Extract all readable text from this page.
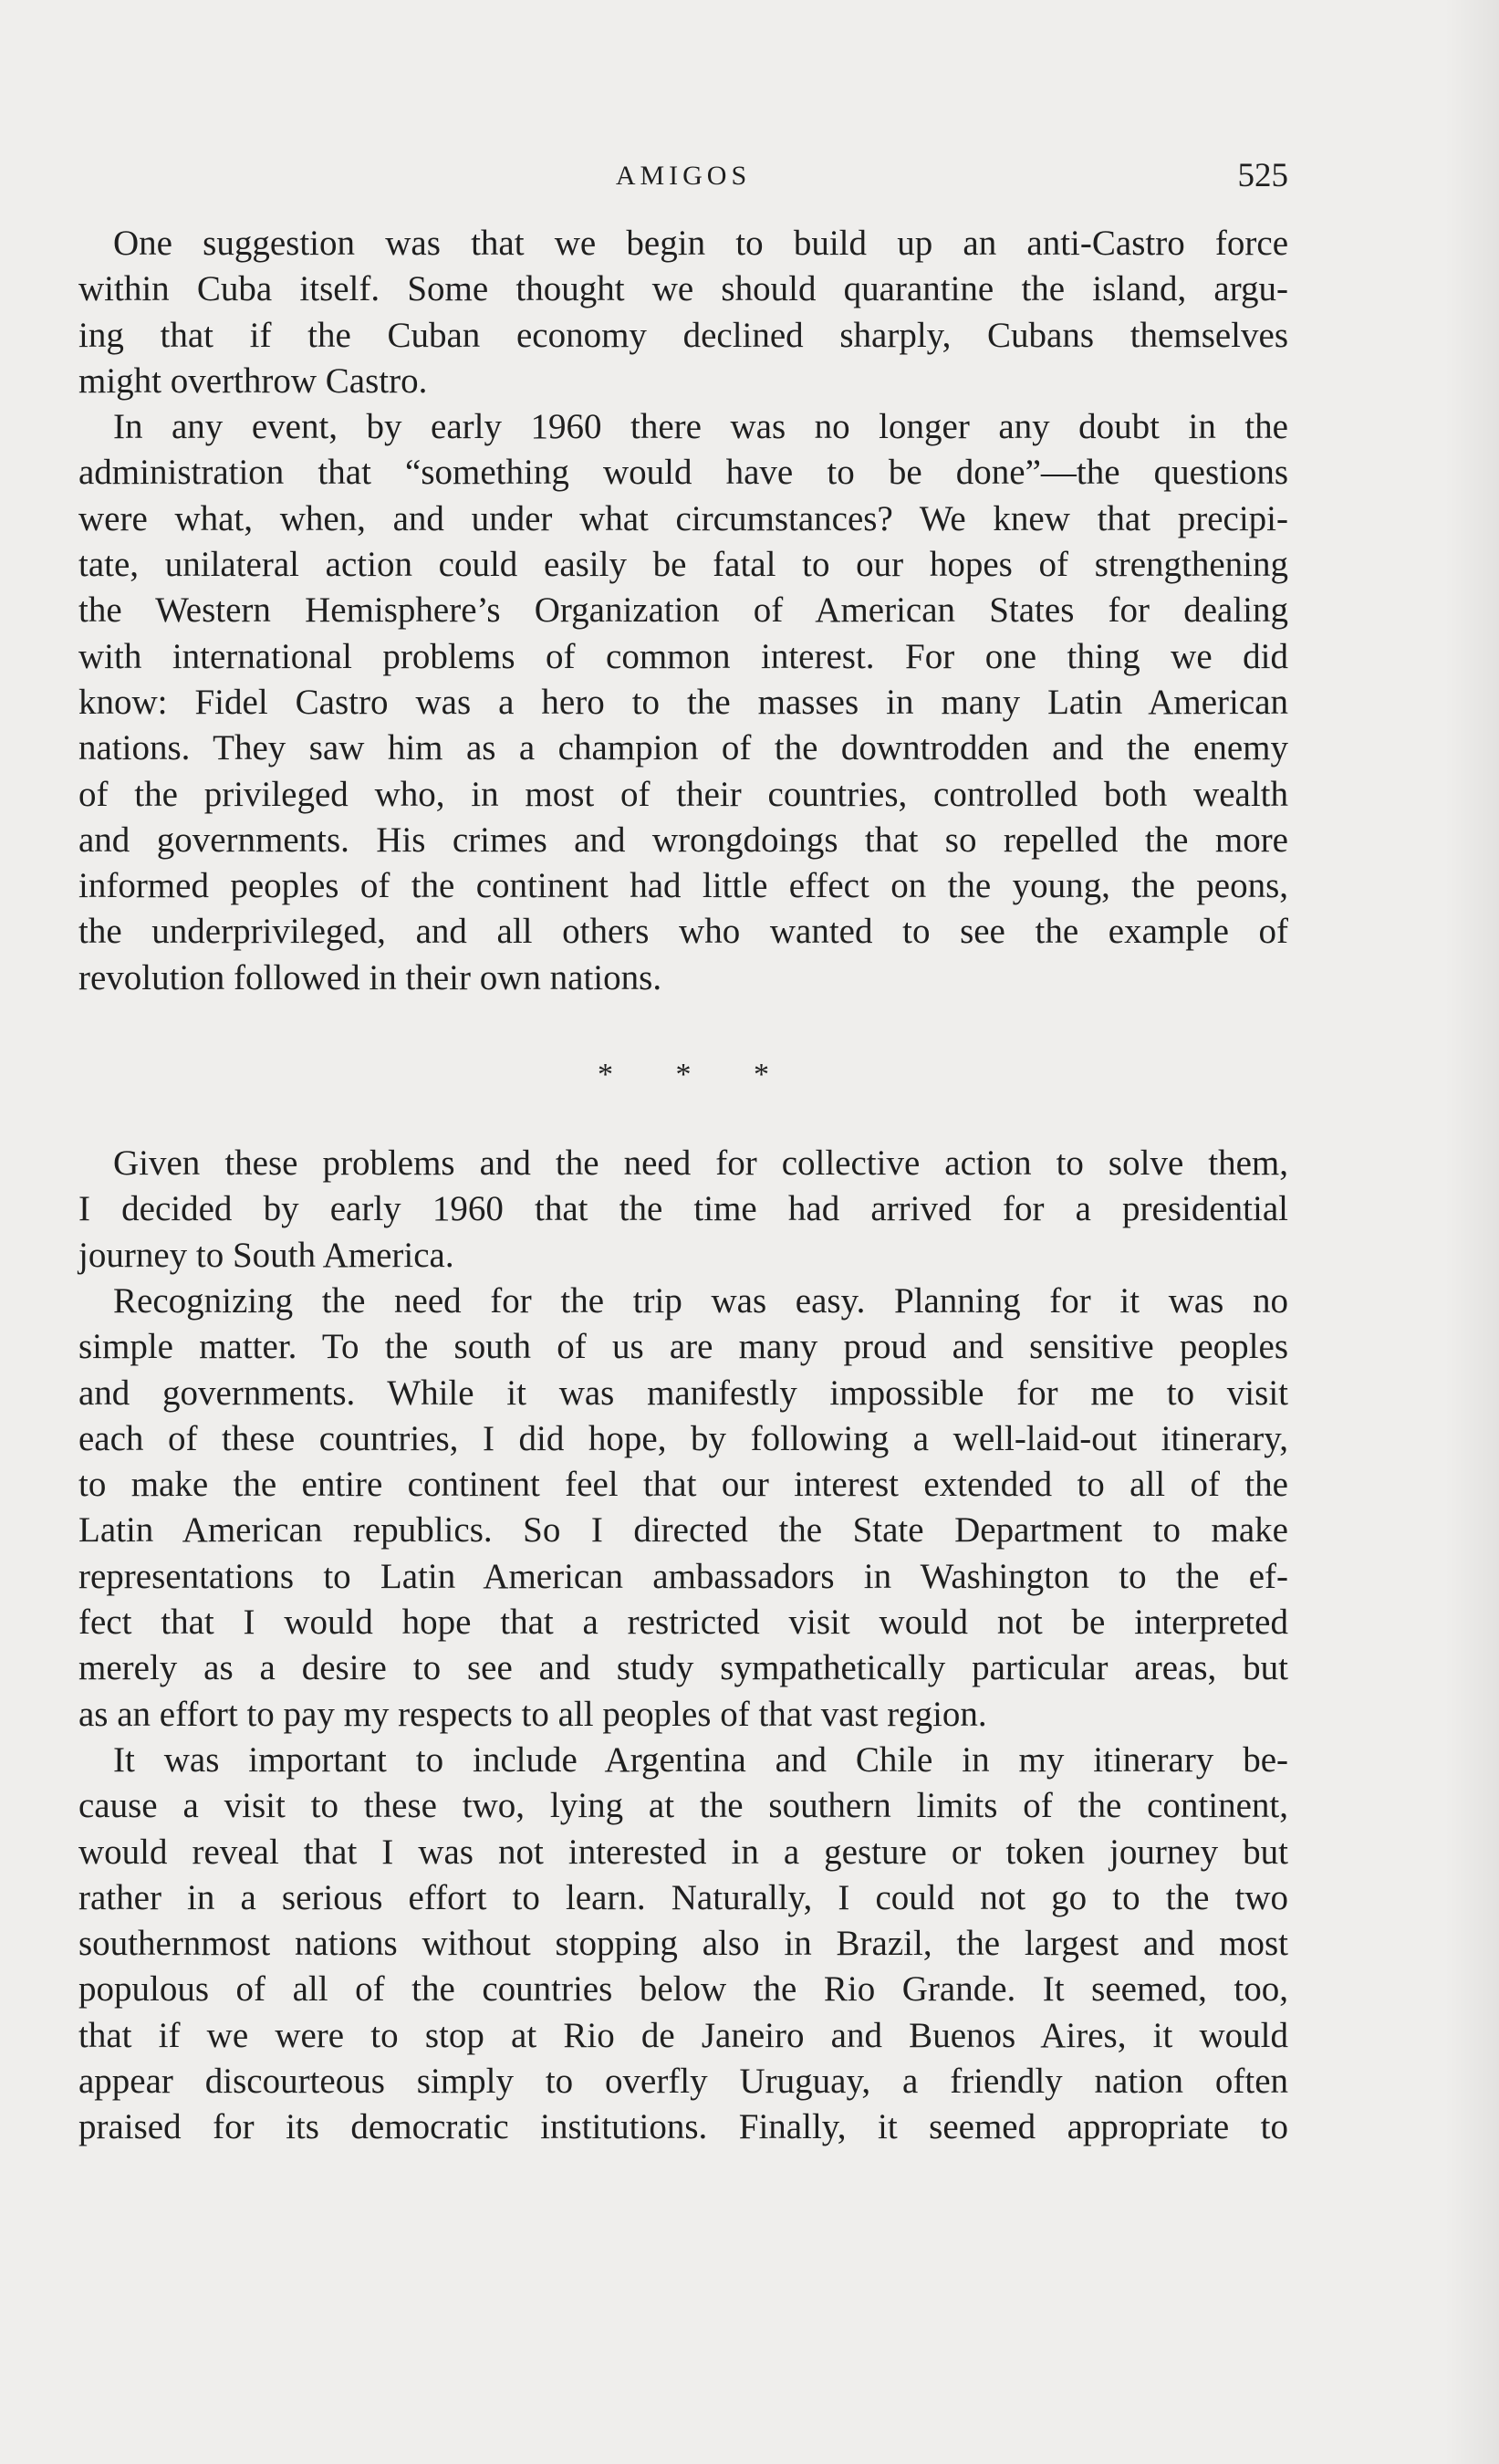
AMIGOS	525
One suggestion was that we begin to build up an anti-Castro force
within Cuba itself. Some thought we should quarantine the island, argu-
ing that if the Cuban economy declined sharply, Cubans themselves
might overthrow Castro.
In any event, by early 1960 there was no longer any doubt in the
administration that “something would have to be done”—the questions
were what, when, and under what circumstances? We knew that precipi-
tate, unilateral action could easily be fatal to our hopes of strengthening
the Western Hemisphere’s Organization of American States for dealing
with international problems of common interest. For one thing we did
know: Fidel Castro was a hero to the masses in many Latin American
nations. They saw him as a champion of the downtrodden and the enemy
of the privileged who, in most of their countries, controlled both wealth
and governments. His crimes and wrongdoings that so repelled the more
informed peoples of the continent had little effect on the young, the peons,
the underprivileged, and all others who wanted to see the example of
revolution followed in their own nations.
* * *
Given these problems and the need for collective action to solve them,
I decided by early 1960 that the time had arrived for a presidential
journey to South America.
Recognizing the need for the trip was easy. Planning for it was no
simple matter. To the south of us are many proud and sensitive peoples
and governments. While it was manifestly impossible for me to visit
each of these countries, I did hope, by following a well-laid-out itinerary,
to make the entire continent feel that our interest extended to all of the
Latin American republics. So I directed the State Department to make
representations to Latin American ambassadors in Washington to the ef-
fect that I would hope that a restricted visit would not be interpreted
merely as a desire to see and study sympathetically particular areas, but
as an effort to pay my respects to all peoples of that vast region.
It was important to include Argentina and Chile in my itinerary be-
cause a visit to these two, lying at the southern limits of the continent,
would reveal that I was not interested in a gesture or token journey but
rather in a serious effort to learn. Naturally, I could not go to the two
southernmost nations without stopping also in Brazil, the largest and most
populous of all of the countries below the Rio Grande. It seemed, too,
that if we were to stop at Rio de Janeiro and Buenos Aires, it would
appear discourteous simply to overfly Uruguay, a friendly nation often
praised for its democratic institutions. Finally, it seemed appropriate to
